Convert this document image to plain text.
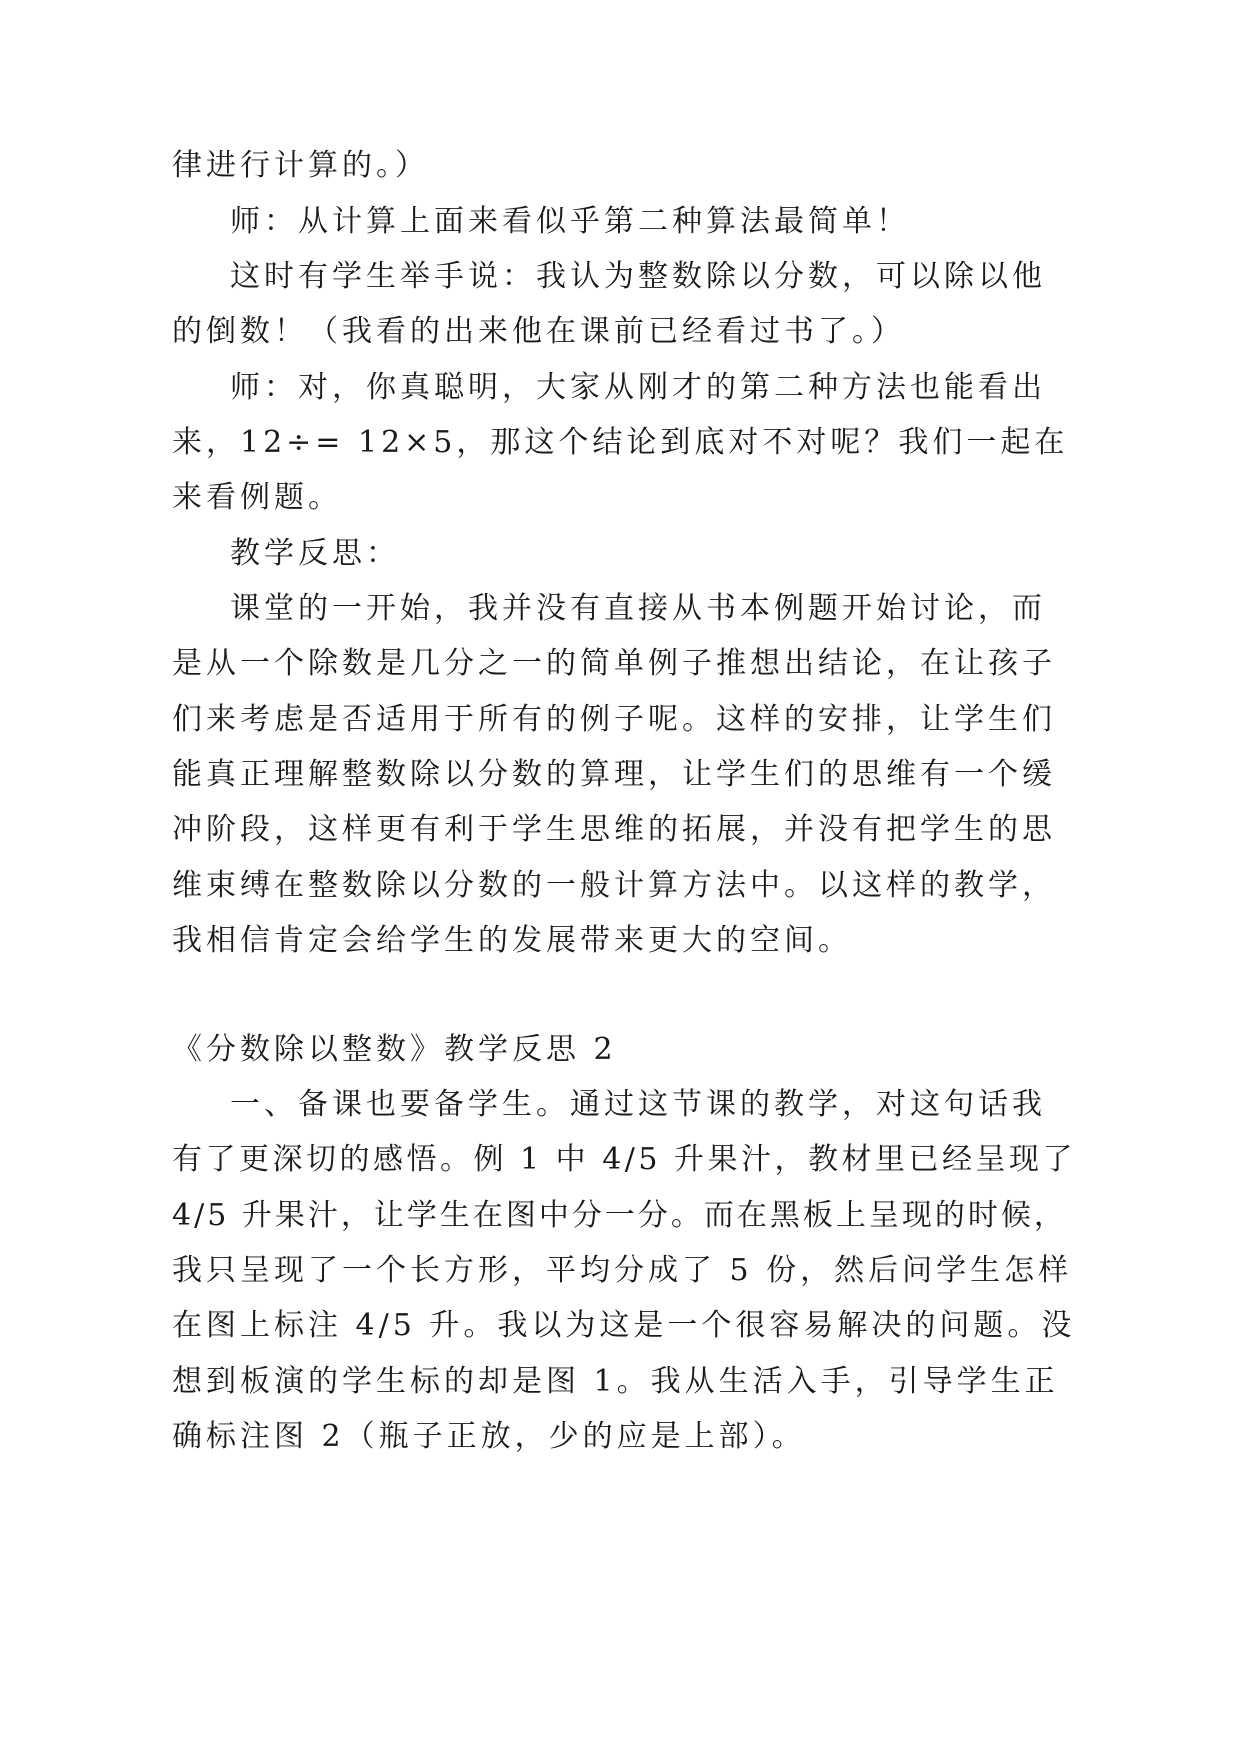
律进行计算的。）
师：从计算上面来看似乎第二种算法最简单！
这时有学生举手说：我认为整数除以分数，可以除以他
的倒数！（我看的出来他在课前已经看过书了。）
师：对，你真聪明，大家从刚才的第二种方法也能看出
来，12÷= 12×5，那这个结论到底对不对呢？我们一起在
来看例题。
教学反思：
课堂的一开始，我并没有直接从书本例题开始讨论，而
是从一个除数是几分之一的简单例子推想出结论，在让孩子
们来考虑是否适用于所有的例子呢。这样的安排，让学生们
能真正理解整数除以分数的算理，让学生们的思维有一个缓
冲阶段，这样更有利于学生思维的拓展，并没有把学生的思
维束缚在整数除以分数的一般计算方法中。以这样的教学，
我相信肯定会给学生的发展带来更大的空间。
《分数除以整数》教学反思 2
一、备课也要备学生。通过这节课的教学，对这句话我
有了更深切的感悟。例 1 中 4/5 升果汁，教材里已经呈现了
4/5 升果汁，让学生在图中分一分。而在黑板上呈现的时候，
我只呈现了一个长方形，平均分成了 5 份，然后问学生怎样
在图上标注 4/5 升。我以为这是一个很容易解决的问题。没
想到板演的学生标的却是图 1。我从生活入手，引导学生正
确标注图 2（瓶子正放，少的应是上部）。
